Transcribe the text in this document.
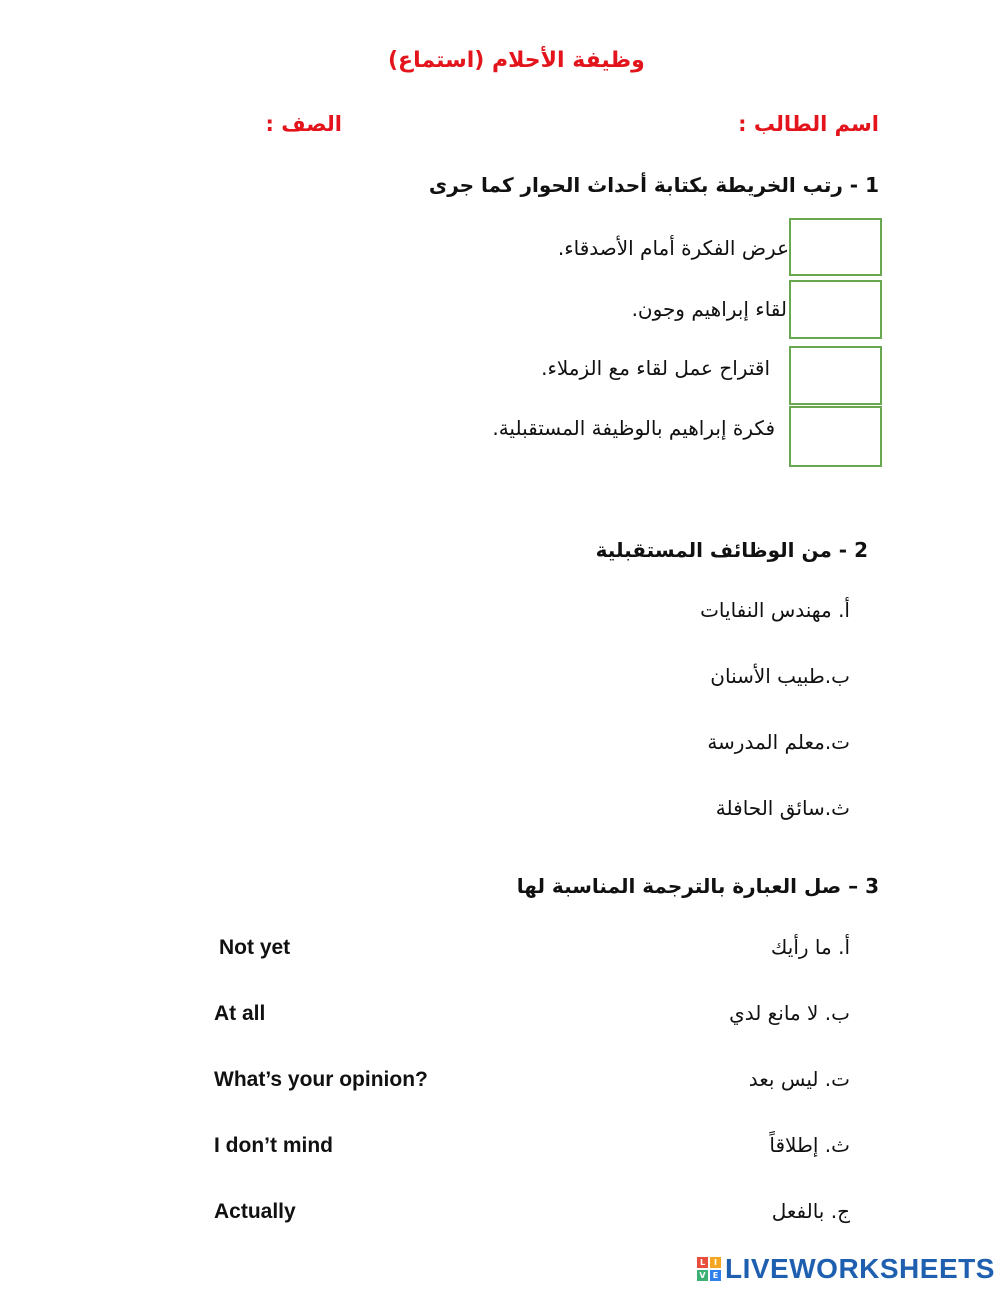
وظيفة الأحلام (استماع)
اسم الطالب :
الصف :
1 - رتب الخريطة بكتابة أحداث الحوار كما جرى
عرض الفكرة أمام الأصدقاء.
لقاء إبراهيم وجون.
اقتراح عمل لقاء مع الزملاء.
فكرة إبراهيم بالوظيفة المستقبلية.
2 - من الوظائف المستقبلية
أ. مهندس النفايات
ب.طبيب الأسنان
ت.معلم المدرسة
ث.سائق الحافلة
3 – صل العبارة بالترجمة المناسبة لها
أ. ما رأيك
ب. لا مانع لدي
ت. ليس بعد
ث. إطلاقاً
ج. بالفعل
Not yet
At all
What’s your opinion?
I don’t mind
Actually
L	I
V E LIVEWORKSHEETS
